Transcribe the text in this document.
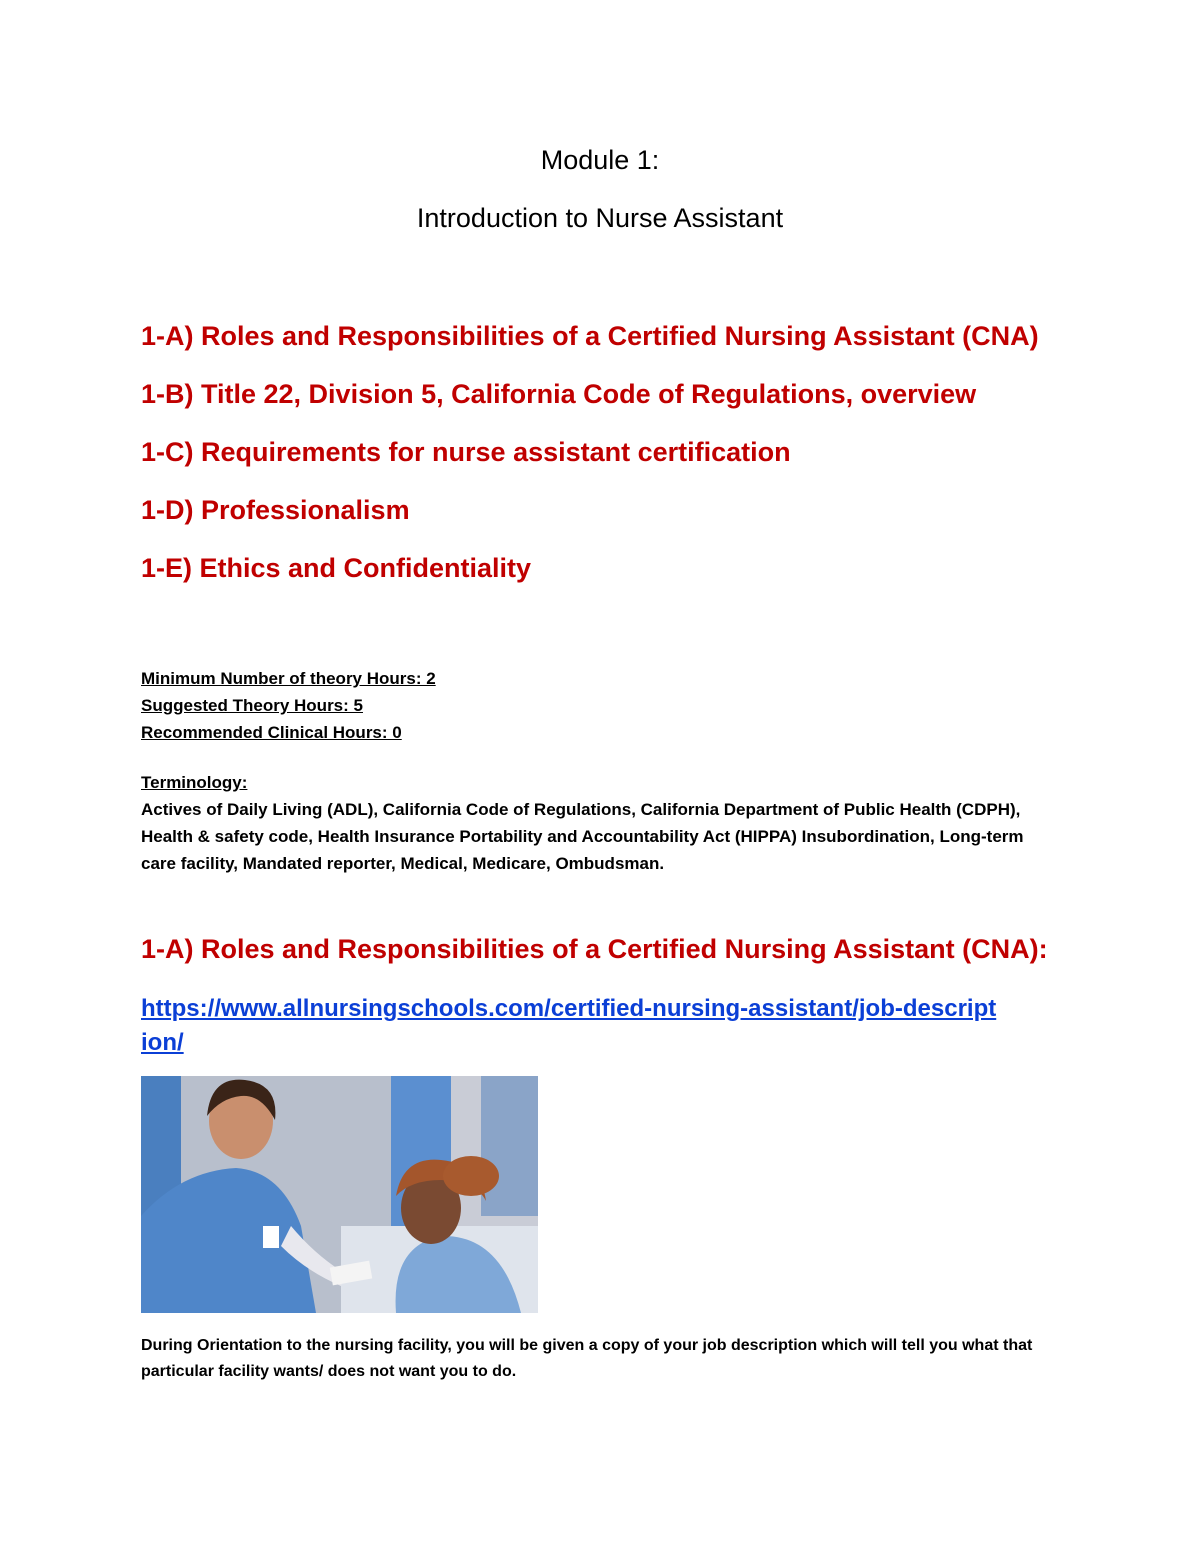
Module 1:
Introduction to Nurse Assistant
1-A) Roles and Responsibilities of a Certified Nursing Assistant (CNA)
1-B) Title 22, Division 5, California Code of Regulations, overview
1-C) Requirements for nurse assistant certification
1-D) Professionalism
1-E) Ethics and Confidentiality
Minimum Number of theory Hours: 2
Suggested Theory Hours: 5
Recommended Clinical Hours: 0
Terminology:
Actives of Daily Living (ADL), California Code of Regulations, California Department of Public Health (CDPH), Health & safety code, Health Insurance Portability and Accountability Act (HIPPA) Insubordination, Long-term care facility, Mandated reporter, Medical, Medicare, Ombudsman.
1-A) Roles and Responsibilities of a Certified Nursing Assistant (CNA):
https://www.allnursingschools.com/certified-nursing-assistant/job-description/
During Orientation to the nursing facility, you will be given a copy of your job description which will tell you what that particular facility wants/ does not want you to do.
